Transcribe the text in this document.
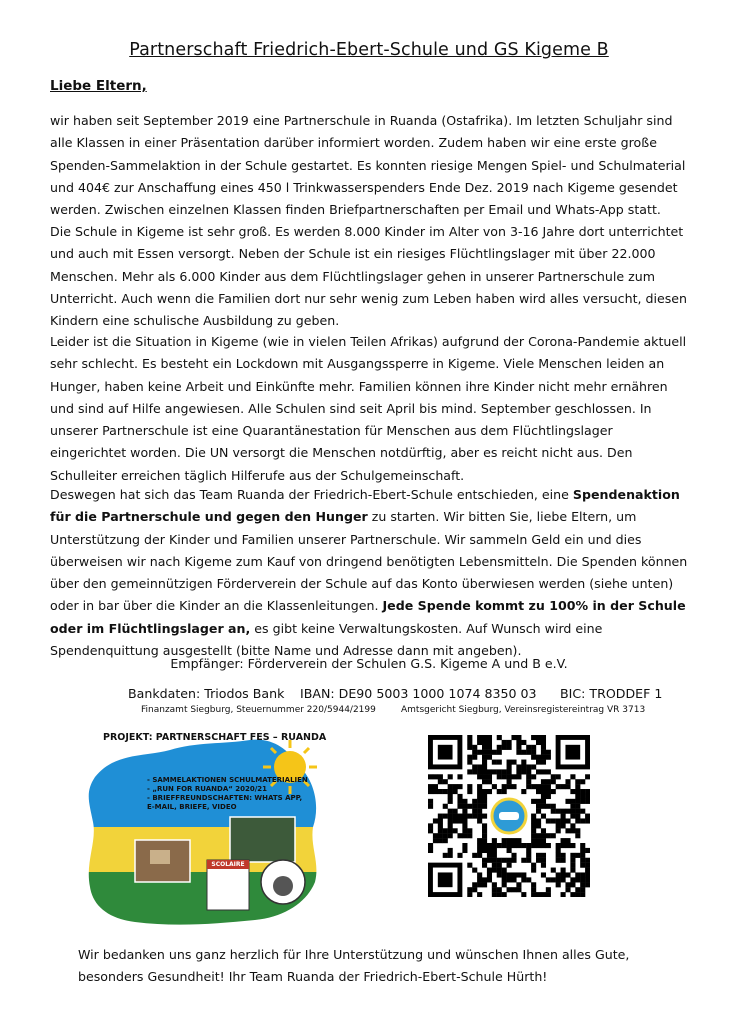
Partnerschaft Friedrich-Ebert-Schule und GS Kigeme B
Liebe Eltern,

wir haben seit September 2019 eine Partnerschule in Ruanda (Ostafrika). Im letzten Schuljahr sind alle Klassen in einer Präsentation darüber informiert worden. Zudem haben wir eine erste große Spenden-Sammelaktion in der Schule gestartet. Es konnten riesige Mengen Spiel- und Schulmaterial und 404€ zur Anschaffung eines 450 l Trinkwasserspenders Ende Dez. 2019 nach Kigeme gesendet werden. Zwischen einzelnen Klassen finden Briefpartnerschaften per Email und Whats-App statt.

Die Schule in Kigeme ist sehr groß. Es werden 8.000 Kinder im Alter von 3-16 Jahre dort unterrichtet und auch mit Essen versorgt. Neben der Schule ist ein riesiges Flüchtlingslager mit über 22.000 Menschen. Mehr als 6.000 Kinder aus dem Flüchtlingslager gehen in unserer Partnerschule zum Unterricht. Auch wenn die Familien dort nur sehr wenig zum Leben haben wird alles versucht, diesen Kindern eine schulische Ausbildung zu geben.

Leider ist die Situation in Kigeme (wie in vielen Teilen Afrikas) aufgrund der Corona-Pandemie aktuell sehr schlecht. Es besteht ein Lockdown mit Ausgangssperre in Kigeme. Viele Menschen leiden an Hunger, haben keine Arbeit und Einkünfte mehr. Familien können ihre Kinder nicht mehr ernähren und sind auf Hilfe angewiesen. Alle Schulen sind seit April bis mind. September geschlossen. In unserer Partnerschule ist eine Quarantänestation für Menschen aus dem Flüchtlingslager eingerichtet worden. Die UN versorgt die Menschen notdürftig, aber es reicht nicht aus. Den Schulleiter erreichen täglich Hilferufe aus der Schulgemeinschaft.

Deswegen hat sich das Team Ruanda der Friedrich-Ebert-Schule entschieden, eine Spendenaktion für die Partnerschule und gegen den Hunger zu starten. Wir bitten Sie, liebe Eltern, um Unterstützung der Kinder und Familien unserer Partnerschule. Wir sammeln Geld ein und dies überweisen wir nach Kigeme zum Kauf von dringend benötigten Lebensmitteln. Die Spenden können über den gemeinnützigen Förderverein der Schule auf das Konto überwiesen werden (siehe unten) oder in bar über die Kinder an die Klassenleitungen. Jede Spende kommt zu 100% in der Schule oder im Flüchtlingslager an, es gibt keine Verwaltungskosten. Auf Wunsch wird eine Spendenquittung ausgestellt (bitte Name und Adresse dann mit angeben).

Empfänger: Förderverein der Schulen G.S. Kigeme A und B e.V.
Bankdaten: Triodos Bank IBAN: DE90 5003 1000 1074 8350 03 BIC: TRODDEF 1
Finanzamt Siegburg, Steuernummer 220/5944/2199	Amtsgericht Siegburg, Vereinsregistereintrag VR 3713
PROJEKT: PARTNERSCHAFT FES – RUANDA
- SAMMELAKTIONEN SCHULMATERIALIEN
- „RUN FOR RUANDA“ 2020/21
- BRIEFFREUNDSCHAFTEN: WHATS APP,
E-MAIL, BRIEFE, VIDEO
SCOLAIRE

Wir bedanken uns ganz herzlich für Ihre Unterstützung und wünschen Ihnen alles Gute, besonders Gesundheit! Ihr Team Ruanda der Friedrich-Ebert-Schule Hürth!
